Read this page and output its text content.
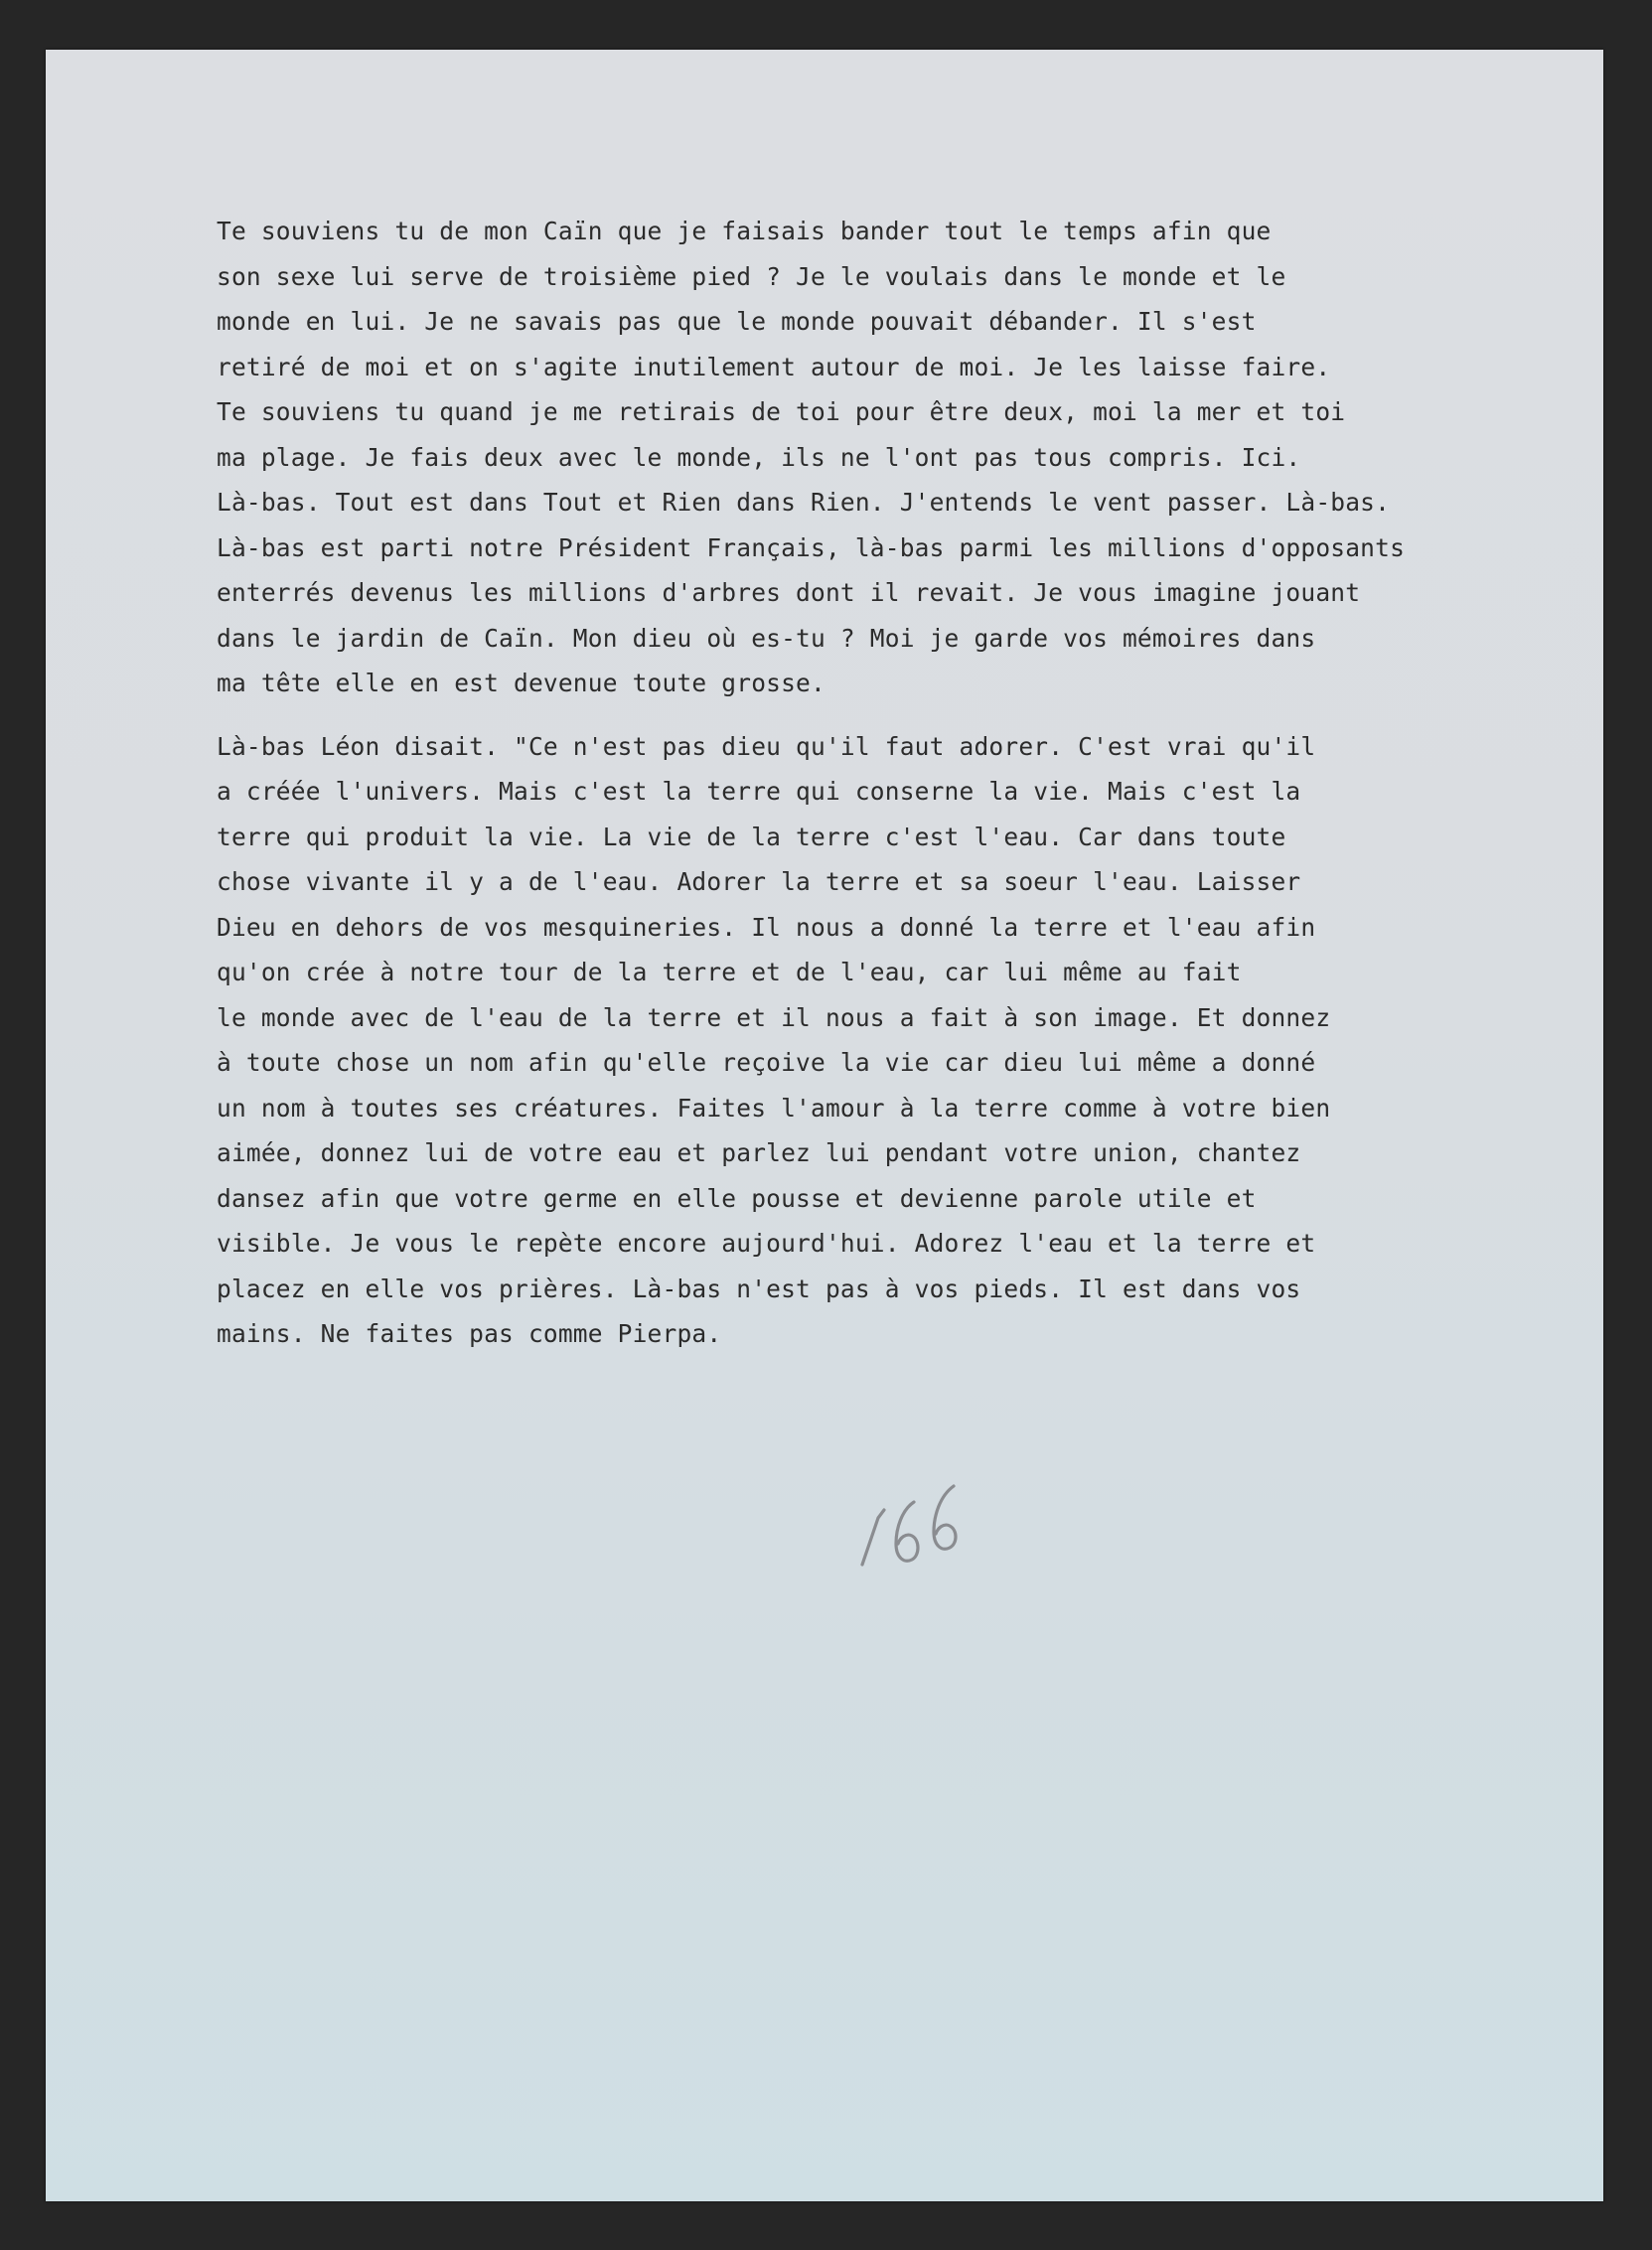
Te souviens tu de mon Caïn que je faisais bander tout le temps afin que
son sexe lui serve de troisième pied ? Je le voulais dans le monde et le
monde en lui. Je ne savais pas que le monde pouvait débander. Il s'est
retiré de moi et on s'agite inutilement autour de moi. Je les laisse faire.
Te souviens tu quand je me retirais de toi pour être deux, moi la mer et toi
ma plage. Je fais deux avec le monde, ils ne l'ont pas tous compris. Ici.
Là-bas. Tout est dans Tout et Rien dans Rien. J'entends le vent passer. Là-bas.
Là-bas est parti notre Président Français, là-bas parmi les millions d'opposants
enterrés devenus les millions d'arbres dont il revait. Je vous imagine jouant
dans le jardin de Caïn. Mon dieu où es-tu ? Moi je garde vos mémoires dans
ma tête elle en est devenue toute grosse.
Là-bas Léon disait. "Ce n'est pas dieu qu'il faut adorer. C'est vrai qu'il
a créée l'univers. Mais c'est la terre qui conserne la vie. Mais c'est la
terre qui produit la vie. La vie de la terre c'est l'eau. Car dans toute
chose vivante il y a de l'eau. Adorer la terre et sa soeur l'eau. Laisser
Dieu en dehors de vos mesquineries. Il nous a donné la terre et l'eau afin
qu'on crée à notre tour de la terre et de l'eau, car lui même au fait
le monde avec de l'eau de la terre et il nous a fait à son image. Et donnez
à toute chose un nom afin qu'elle reçoive la vie car dieu lui même a donné
un nom à toutes ses créatures. Faites l'amour à la terre comme à votre bien
aimée, donnez lui de votre eau et parlez lui pendant votre union, chantez
dansez afin que votre germe en elle pousse et devienne parole utile et
visible. Je vous le repète encore aujourd'hui. Adorez l'eau et la terre et
placez en elle vos prières. Là-bas n'est pas à vos pieds. Il est dans vos
mains. Ne faites pas comme Pierpa.
